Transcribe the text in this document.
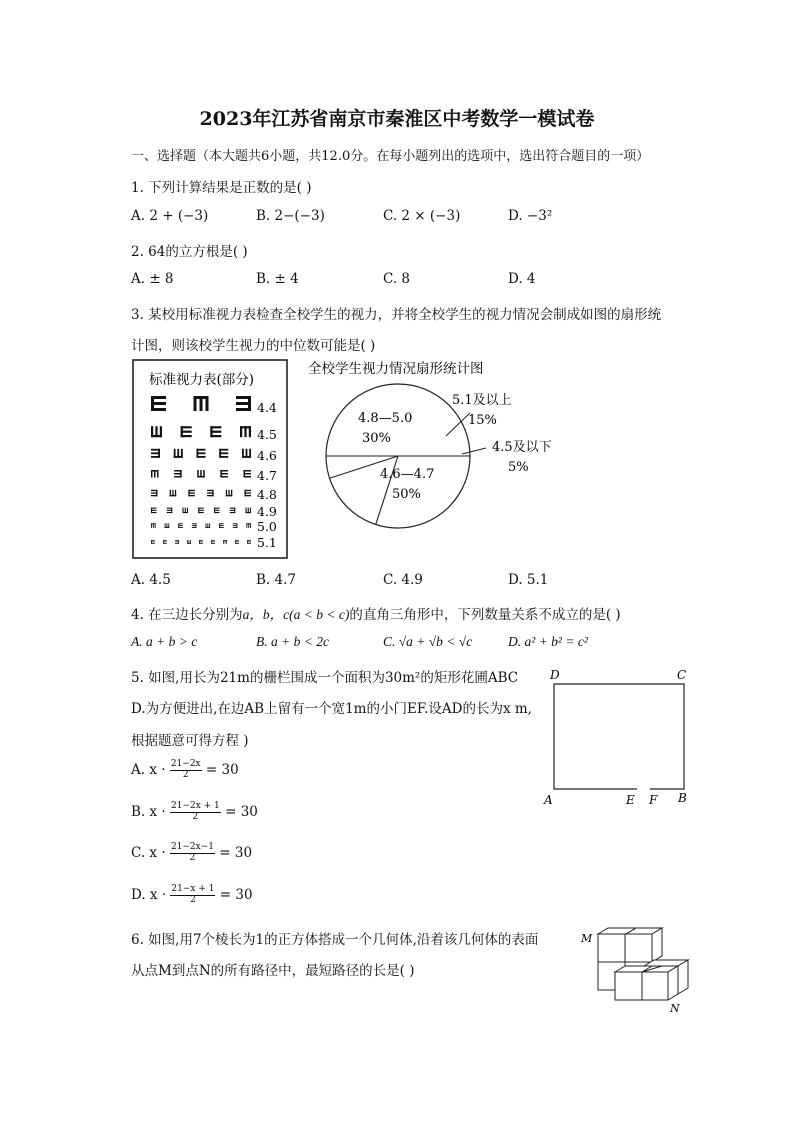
2023年江苏省南京市秦淮区中考数学一模试卷
一、选择题（本大题共6小题，共12.0分。在每小题列出的选项中，选出符合题目的一项）
1. 下列计算结果是正数的是( )
A. 2 + (−3)	B. 2−(−3)	C. 2 × (−3)	D. −3²
2. 64的立方根是( )
A. ± 8	B. ± 4	C. 8	D. 4
3. 某校用标准视力表检查全校学生的视力，并将全校学生的视力情况会制成如图的扇形统
计图，则该校学生视力的中位数可能是( )
标准视力表(部分)
4.4
4.5
4.6
4.7
4.8
4.9
5.0
5.1
全校学生视力情况扇形统计图
4.6—4.7
50%
4.8—5.0
30%
5.1及以上
15%
4.5及以下
5%
A. 4.5	B. 4.7	C. 4.9	D. 5.1
4. 在三边长分别为a，b，c(a < b < c)的直角三角形中，下列数量关系不成立的是( )
A. a + b > c	B. a + b < 2c	C. √a + √b < √c	D. a² + b² = c²
5. 如图,用长为21m的栅栏围成一个面积为30m²的矩形花圃ABC
D.为方便进出,在边AB上留有一个宽1m的小门EF.设AD的长为x m,
根据题意可得方程 )
A. $x \cdot \frac{21-2x}{2} = 30$
B. $x \cdot \frac{21-2x + 1}{2} = 30$
C. $x \cdot \frac{21-2x-1}{2} = 30$
D. $x \cdot \frac{21-x + 1}{2} = 30$
D	C
A	E F B
6. 如图,用7个棱长为1的正方体搭成一个几何体,沿着该几何体的表面
从点M到点N的所有路径中，最短路径的长是( )
M
N
